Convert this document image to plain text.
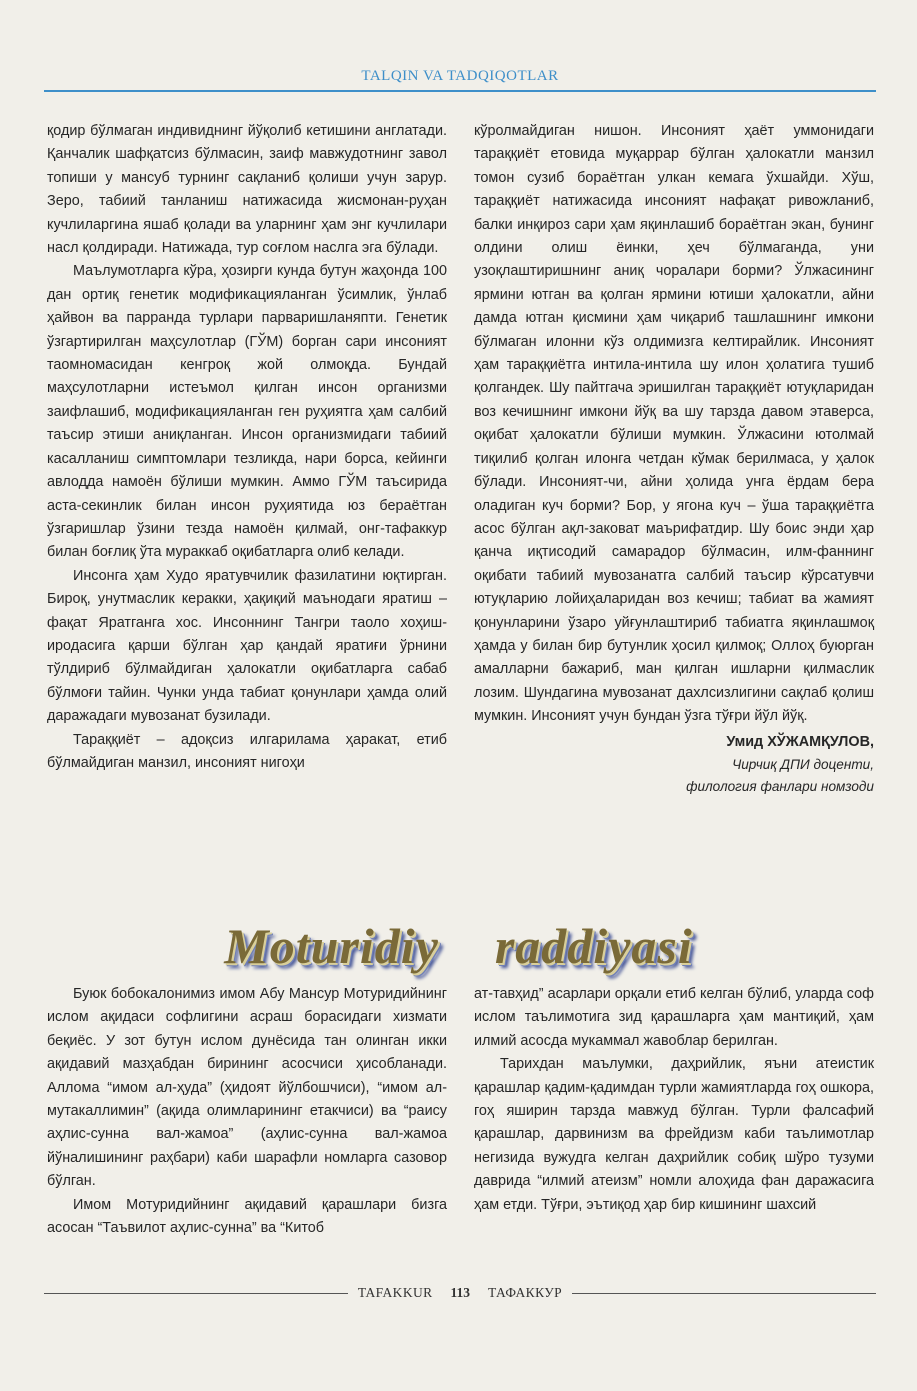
TALQIN VA TADQIQOTLAR

қодир бўлмаган индивиднинг йўқолиб кетишини англатади. Қанчалик шафқатсиз бўлмасин, заиф мавжудотнинг завол топиши у мансуб турнинг сақланиб қолиши учун зарур. Зеро, табиий танланиш натижасида жисмонан-руҳан кучлиларгина яшаб қолади ва уларнинг ҳам энг кучлилари насл қолдиради. Натижада, тур соғлом наслга эга бўлади.

Маълумотларга кўра, ҳозирги кунда бутун жаҳонда 100 дан ортиқ генетик модификацияланган ўсимлик, ўнлаб ҳайвон ва парранда турлари парваришланяпти. Генетик ўзгартирилган маҳсулотлар (ГЎМ) борган сари инсоният таомномасидан кенгроқ жой олмоқда. Бундай маҳсулотларни истеъмол қилган инсон организми заифлашиб, модификацияланган ген руҳиятга ҳам салбий таъсир этиши аниқланган. Инсон организмидаги табиий касалланиш симптомлари тезликда, нари борса, кейинги авлодда намоён бўлиши мумкин. Аммо ГЎМ таъсирида аста-секинлик билан инсон руҳиятида юз бераётган ўзгаришлар ўзини тезда намоён қилмай, онг-тафаккур билан боғлиқ ўта мураккаб оқибатларга олиб келади.

Инсонга ҳам Худо яратувчилик фазилатини юқтирган. Бироқ, унутмаслик керакки, ҳақиқий маънодаги яратиш – фақат Яратганга хос. Инсоннинг Тангри таоло хоҳиш-иродасига қарши бўлган ҳар қандай яратиғи ўрнини тўлдириб бўлмайдиган ҳалокатли оқибатларга сабаб бўлмоғи тайин. Чунки унда табиат қонунлари ҳамда олий даражадаги мувозанат бузилади.

Тараққиёт – адоқсиз илгарилама ҳаракат, етиб бўлмайдиган манзил, инсоният нигоҳи

кўролмайдиган нишон. Инсоният ҳаёт уммонидаги тараққиёт етовида муқаррар бўлган ҳалокатли манзил томон сузиб бораётган улкан кемага ўхшайди. Хўш, тараққиёт натижасида инсоният нафақат ривожланиб, балки инқироз сари ҳам яқинлашиб бораётган экан, бунинг олдини олиш ёинки, ҳеч бўлмаганда, уни узоқлаштиришнинг аниқ чоралари борми? Ўлжасининг ярмини ютган ва қолган ярмини ютиши ҳалокатли, айни дамда ютган қисмини ҳам чиқариб ташлашнинг имкони бўлмаган илонни кўз олдимизга келтирайлик. Инсоният ҳам тараққиётга интила-интила шу илон ҳолатига тушиб қолгандек. Шу пайтгача эришилган тараққиёт ютуқларидан воз кечишнинг имкони йўқ ва шу тарзда давом этаверса, оқибат ҳалокатли бўлиши мумкин. Ўлжасини ютолмай тиқилиб қолган илонга четдан кўмак берилмаса, у ҳалок бўлади. Инсоният-чи, айни ҳолида унга ёрдам бера оладиган куч борми? Бор, у ягона куч – ўша тараққиётга асос бўлган ақл-заковат маърифатдир. Шу боис энди ҳар қанча иқтисодий самарадор бўлмасин, илм-фаннинг оқибати табиий мувозанатга салбий таъсир кўрсатувчи ютуқларию лойиҳаларидан воз кечиш; табиат ва жамият қонунларини ўзаро уйғунлаштириб табиатга яқинлашмоқ ҳамда у билан бир бутунлик ҳосил қилмоқ; Оллоҳ буюрган амалларни бажариб, ман қилган ишларни қилмаслик лозим. Шундагина мувозанат дахлсизлигини сақлаб қолиш мумкин. Инсоният учун бундан ўзга тўғри йўл йўқ.

Умид ХЎЖАМҚУЛОВ,
Чирчиқ ДПИ доценти,
филология фанлари номзоди
Moturidiy raddiyasi

Буюк бобокалонимиз имом Абу Мансур Мотуридийнинг ислом ақидаси софлигини асраш борасидаги хизмати беқиёс. У зот бутун ислом дунёсида тан олинган икки ақидавий мазҳабдан бирининг асосчиси ҳисобланади. Аллома “имом ал-ҳуда” (ҳидоят йўлбошчиси), “имом ал-мутакаллимин” (ақида олимларининг етакчиси) ва “раису аҳлис-сунна вал-жамоа” (аҳлис-сунна вал-жамоа йўналишининг раҳбари) каби шарафли номларга сазовор бўлган.

Имом Мотуридийнинг ақидавий қарашлари бизга асосан “Таъвилот аҳлис-сунна” ва “Китоб

ат-тавҳид” асарлари орқали етиб келган бўлиб, уларда соф ислом таълимотига зид қарашларга ҳам мантиқий, ҳам илмий асосда мукаммал жавоблар берилган.

Тарихдан маълумки, даҳрийлик, яъни атеистик қарашлар қадим-қадимдан турли жамиятларда гоҳ ошкора, гоҳ яширин тарзда мавжуд бўлган. Турли фалсафий қарашлар, дарвинизм ва фрейдизм каби таълимотлар негизида вужудга келган даҳрийлик собиқ шўро тузуми даврида “илмий атеизм” номли алоҳида фан даражасига ҳам етди. Тўғри, эътиқод ҳар бир кишининг шахсий

TAFAKKUR 113 ТАФАККУР
